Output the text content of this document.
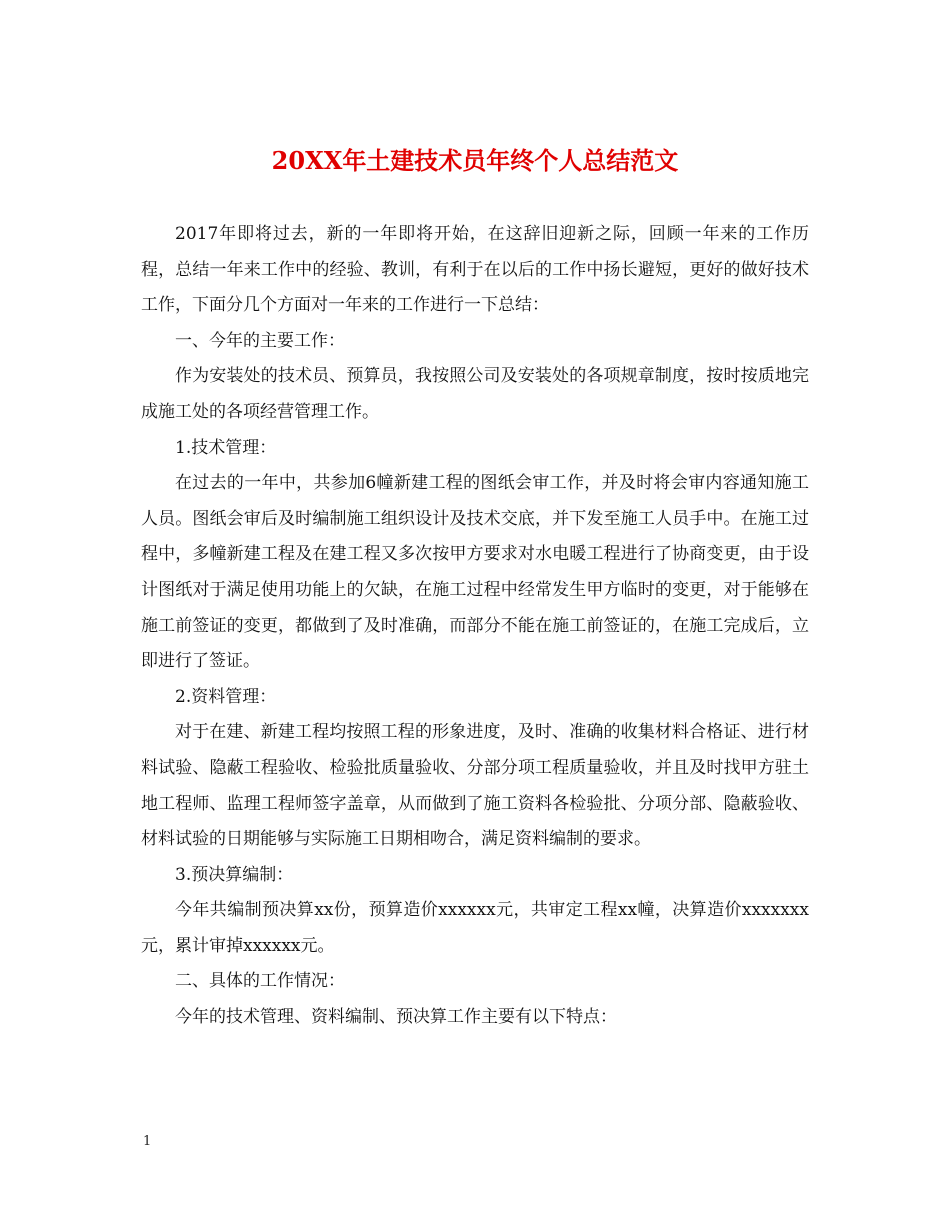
20XX年土建技术员年终个人总结范文

2017年即将过去，新的一年即将开始，在这辞旧迎新之际，回顾一年来的工作历程，总结一年来工作中的经验、教训，有利于在以后的工作中扬长避短，更好的做好技术工作，下面分几个方面对一年来的工作进行一下总结：

一、今年的主要工作：

作为安装处的技术员、预算员，我按照公司及安装处的各项规章制度，按时按质地完成施工处的各项经营管理工作。

1.技术管理：

在过去的一年中，共参加6幢新建工程的图纸会审工作，并及时将会审内容通知施工人员。图纸会审后及时编制施工组织设计及技术交底，并下发至施工人员手中。在施工过程中，多幢新建工程及在建工程又多次按甲方要求对水电暖工程进行了协商变更，由于设计图纸对于满足使用功能上的欠缺，在施工过程中经常发生甲方临时的变更，对于能够在施工前签证的变更，都做到了及时准确，而部分不能在施工前签证的，在施工完成后，立即进行了签证。

2.资料管理：

对于在建、新建工程均按照工程的形象进度，及时、准确的收集材料合格证、进行材料试验、隐蔽工程验收、检验批质量验收、分部分项工程质量验收，并且及时找甲方驻土地工程师、监理工程师签字盖章，从而做到了施工资料各检验批、分项分部、隐蔽验收、材料试验的日期能够与实际施工日期相吻合，满足资料编制的要求。

3.预决算编制：

今年共编制预决算xx份，预算造价xxxxxx元，共审定工程xx幢，决算造价xxxxxxx元，累计审掉xxxxxx元。

二、具体的工作情况：

今年的技术管理、资料编制、预决算工作主要有以下特点：

1
